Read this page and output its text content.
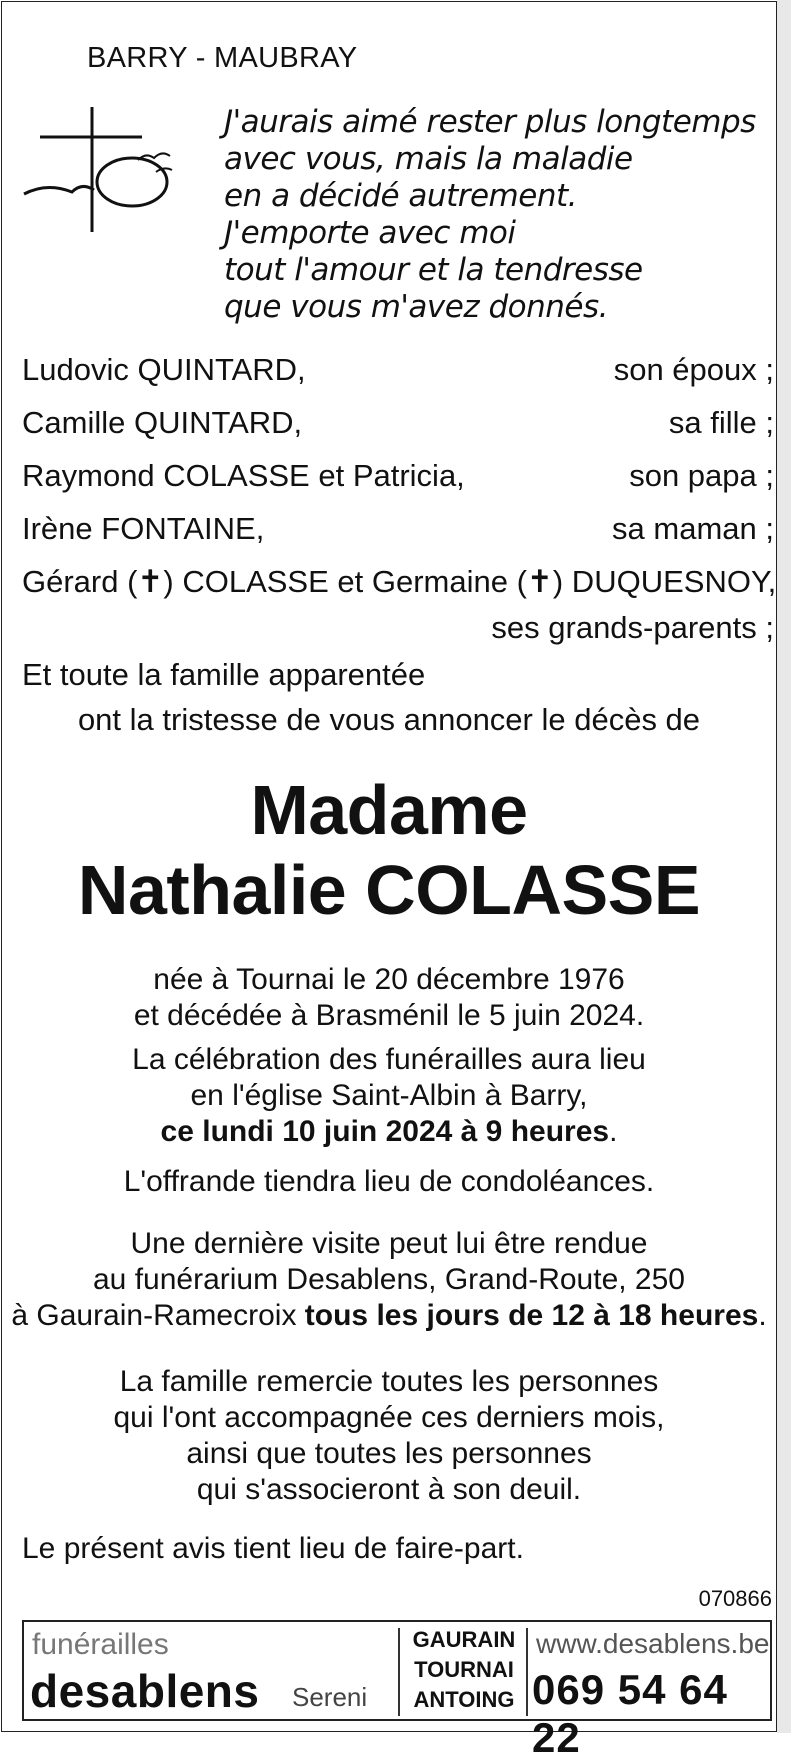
BARRY - MAUBRAY
J'aurais aimé rester plus longtemps
avec vous, mais la maladie
en a décidé autrement.
J'emporte avec moi
tout l'amour et la tendresse
que vous m'avez donnés.
Ludovic QUINTARD,	son époux ;
Camille QUINTARD,	sa fille ;
Raymond COLASSE et Patricia,	son papa ;
Irène FONTAINE,	sa maman ;
Gérard (✝) COLASSE et Germaine (✝) DUQUESNOY,
ses grands-parents ;
Et toute la famille apparentée
ont la tristesse de vous annoncer le décès de
Madame
Nathalie COLASSE
née à Tournai le 20 décembre 1976
et décédée à Brasménil le 5 juin 2024.
La célébration des funérailles aura lieu
en l'église Saint-Albin à Barry,
ce lundi 10 juin 2024 à 9 heures.
L'offrande tiendra lieu de condoléances.
Une dernière visite peut lui être rendue
au funérarium Desablens, Grand-Route, 250
à Gaurain-Ramecroix tous les jours de 12 à 18 heures.
La famille remercie toutes les personnes
qui l'ont accompagnée ces derniers mois,
ainsi que toutes les personnes
qui s'associeront à son deuil.
Le présent avis tient lieu de faire-part.
070866
funérailles
desablens Sereni
GAURAIN
TOURNAI
ANTOING
www.desablens.be
069 54 64 22
